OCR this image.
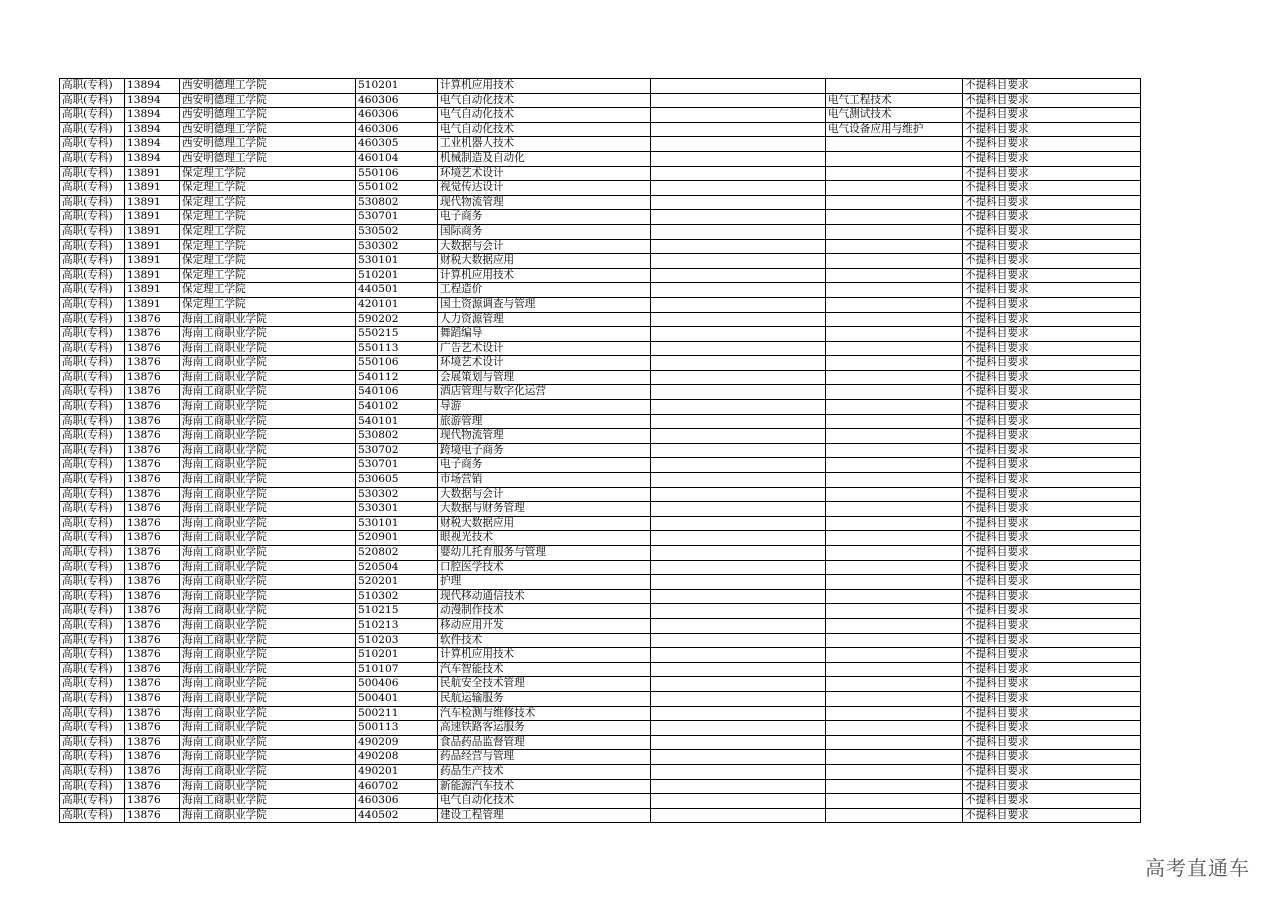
高职(专科)	13894	西安明德理工学院	510201	计算机应用技术			不提科目要求
高职(专科)	13894	西安明德理工学院	460306	电气自动化技术		电气工程技术	不提科目要求
高职(专科)	13894	西安明德理工学院	460306	电气自动化技术		电气测试技术	不提科目要求
高职(专科)	13894	西安明德理工学院	460306	电气自动化技术		电气设备应用与维护	不提科目要求
高职(专科)	13894	西安明德理工学院	460305	工业机器人技术			不提科目要求
高职(专科)	13894	西安明德理工学院	460104	机械制造及自动化			不提科目要求
高职(专科)	13891	保定理工学院	550106	环境艺术设计			不提科目要求
高职(专科)	13891	保定理工学院	550102	视觉传达设计			不提科目要求
高职(专科)	13891	保定理工学院	530802	现代物流管理			不提科目要求
高职(专科)	13891	保定理工学院	530701	电子商务			不提科目要求
高职(专科)	13891	保定理工学院	530502	国际商务			不提科目要求
高职(专科)	13891	保定理工学院	530302	大数据与会计			不提科目要求
高职(专科)	13891	保定理工学院	530101	财税大数据应用			不提科目要求
高职(专科)	13891	保定理工学院	510201	计算机应用技术			不提科目要求
高职(专科)	13891	保定理工学院	440501	工程造价			不提科目要求
高职(专科)	13891	保定理工学院	420101	国土资源调查与管理			不提科目要求
高职(专科)	13876	海南工商职业学院	590202	人力资源管理			不提科目要求
高职(专科)	13876	海南工商职业学院	550215	舞蹈编导			不提科目要求
高职(专科)	13876	海南工商职业学院	550113	广告艺术设计			不提科目要求
高职(专科)	13876	海南工商职业学院	550106	环境艺术设计			不提科目要求
高职(专科)	13876	海南工商职业学院	540112	会展策划与管理			不提科目要求
高职(专科)	13876	海南工商职业学院	540106	酒店管理与数字化运营			不提科目要求
高职(专科)	13876	海南工商职业学院	540102	导游			不提科目要求
高职(专科)	13876	海南工商职业学院	540101	旅游管理			不提科目要求
高职(专科)	13876	海南工商职业学院	530802	现代物流管理			不提科目要求
高职(专科)	13876	海南工商职业学院	530702	跨境电子商务			不提科目要求
高职(专科)	13876	海南工商职业学院	530701	电子商务			不提科目要求
高职(专科)	13876	海南工商职业学院	530605	市场营销			不提科目要求
高职(专科)	13876	海南工商职业学院	530302	大数据与会计			不提科目要求
高职(专科)	13876	海南工商职业学院	530301	大数据与财务管理			不提科目要求
高职(专科)	13876	海南工商职业学院	530101	财税大数据应用			不提科目要求
高职(专科)	13876	海南工商职业学院	520901	眼视光技术			不提科目要求
高职(专科)	13876	海南工商职业学院	520802	婴幼儿托育服务与管理			不提科目要求
高职(专科)	13876	海南工商职业学院	520504	口腔医学技术			不提科目要求
高职(专科)	13876	海南工商职业学院	520201	护理			不提科目要求
高职(专科)	13876	海南工商职业学院	510302	现代移动通信技术			不提科目要求
高职(专科)	13876	海南工商职业学院	510215	动漫制作技术			不提科目要求
高职(专科)	13876	海南工商职业学院	510213	移动应用开发			不提科目要求
高职(专科)	13876	海南工商职业学院	510203	软件技术			不提科目要求
高职(专科)	13876	海南工商职业学院	510201	计算机应用技术			不提科目要求
高职(专科)	13876	海南工商职业学院	510107	汽车智能技术			不提科目要求
高职(专科)	13876	海南工商职业学院	500406	民航安全技术管理			不提科目要求
高职(专科)	13876	海南工商职业学院	500401	民航运输服务			不提科目要求
高职(专科)	13876	海南工商职业学院	500211	汽车检测与维修技术			不提科目要求
高职(专科)	13876	海南工商职业学院	500113	高速铁路客运服务			不提科目要求
高职(专科)	13876	海南工商职业学院	490209	食品药品监督管理			不提科目要求
高职(专科)	13876	海南工商职业学院	490208	药品经营与管理			不提科目要求
高职(专科)	13876	海南工商职业学院	490201	药品生产技术			不提科目要求
高职(专科)	13876	海南工商职业学院	460702	新能源汽车技术			不提科目要求
高职(专科)	13876	海南工商职业学院	460306	电气自动化技术			不提科目要求
高职(专科)	13876	海南工商职业学院	440502	建设工程管理			不提科目要求
高考直通车
